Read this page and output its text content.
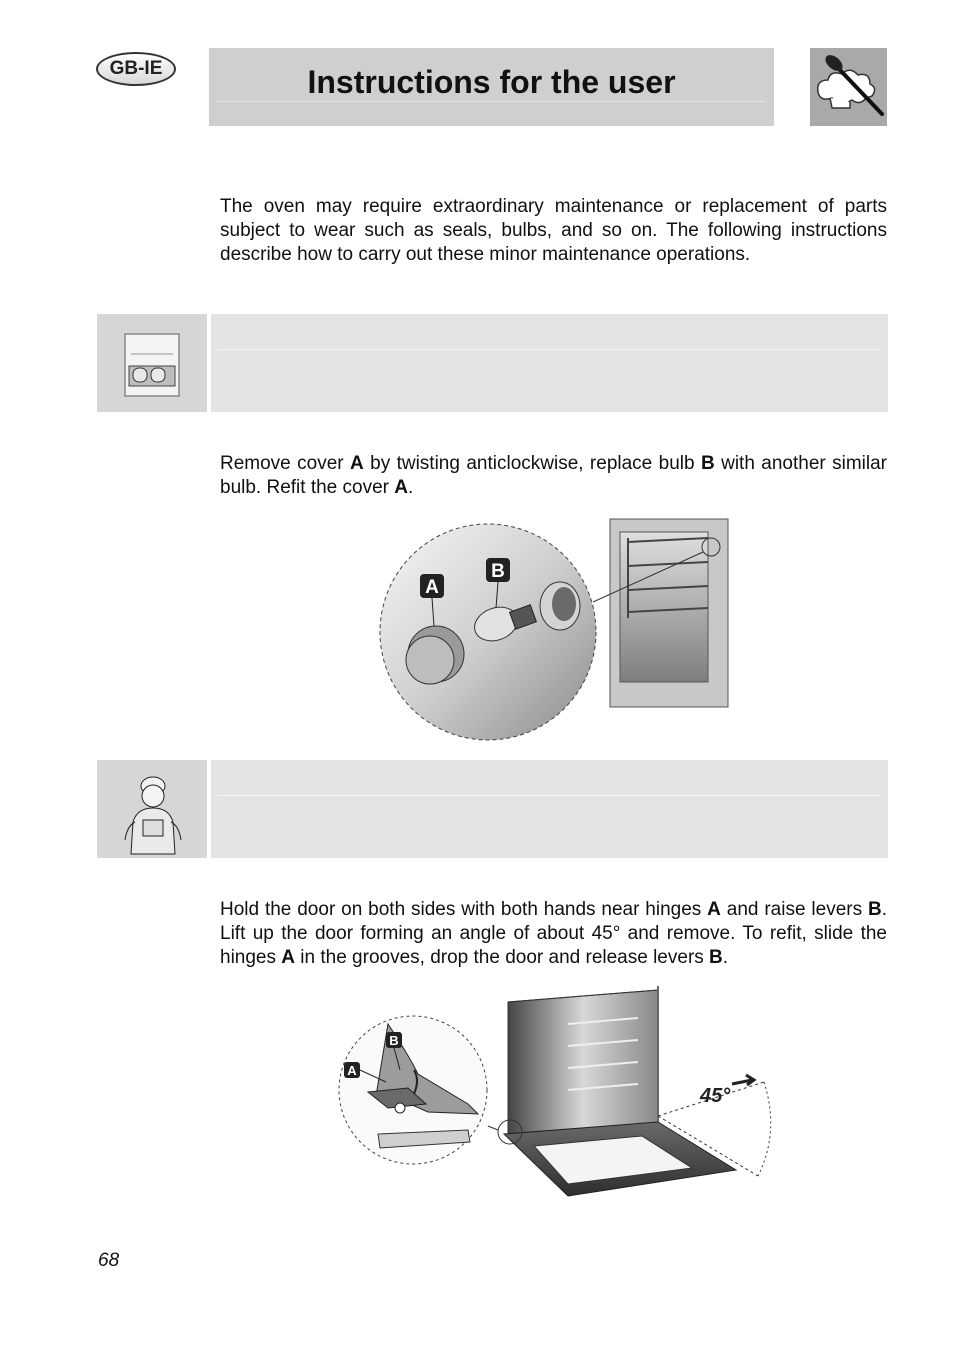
GB-IE	Instructions for the user

The oven may require extraordinary maintenance or replacement of parts subject to wear such as seals, bulbs, and so on. The following instructions describe how to carry out these minor maintenance operations.

Remove cover A by twisting anticlockwise, replace bulb B with another similar bulb. Refit the cover A.

A
B

Hold the door on both sides with both hands near hinges A and raise levers B. Lift up the door forming an angle of about 45° and remove. To refit, slide the hinges A in the grooves, drop the door and release levers B.

45°
A
B
68
